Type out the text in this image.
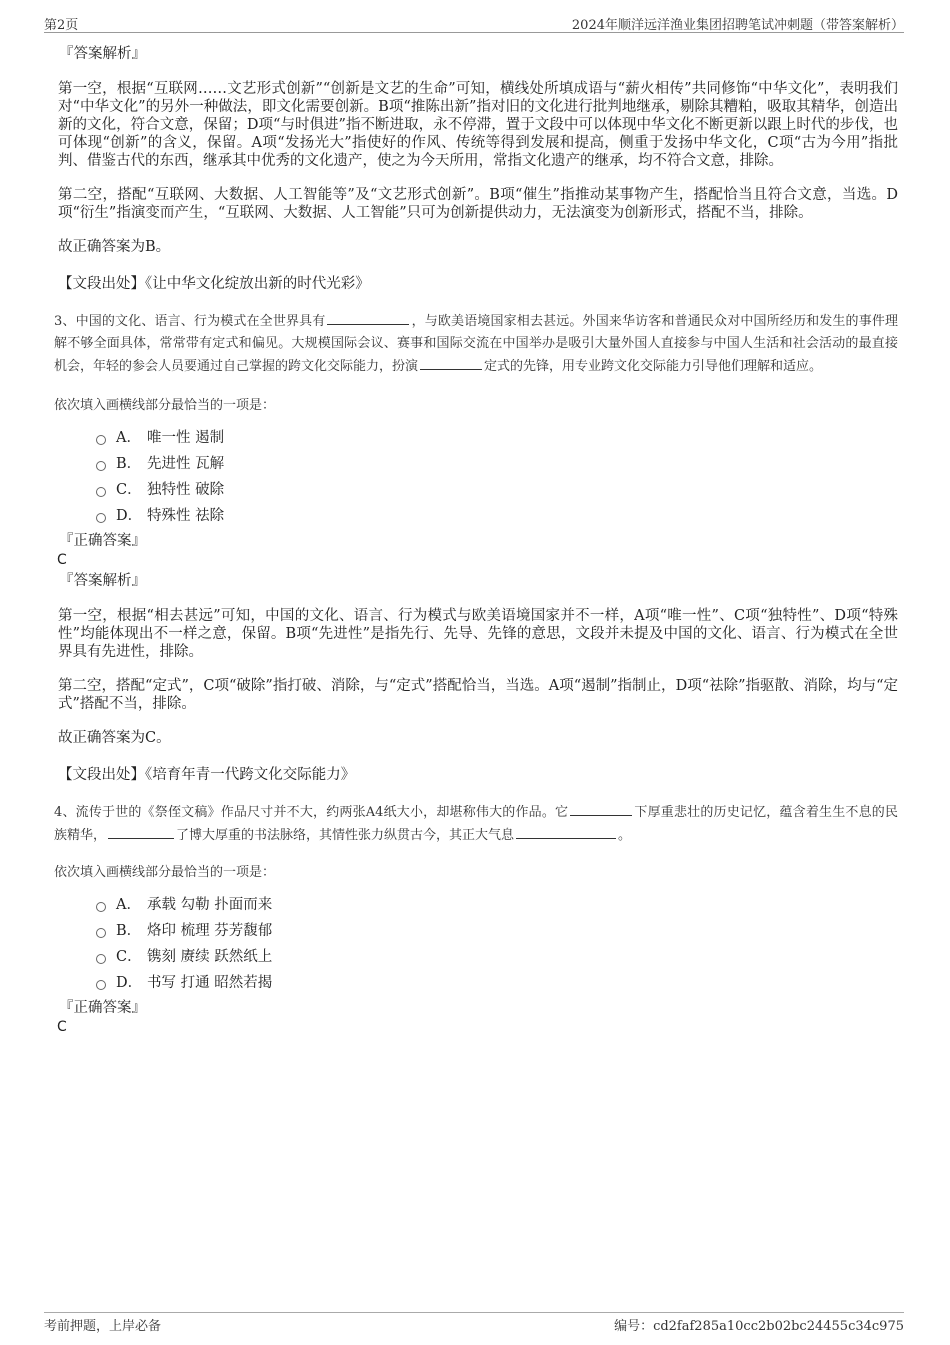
第2页	2024年顺洋远洋渔业集团招聘笔试冲刺题（带答案解析）
『答案解析』

第一空，根据“互联网……文艺形式创新”“创新是文艺的生命”可知，横线处所填成语与“薪火相传”共同修饰“中华文化”，表明我们对“中华文化”的另外一种做法，即文化需要创新。B项“推陈出新”指对旧的文化进行批判地继承，剔除其糟粕，吸取其精华，创造出新的文化，符合文意，保留；D项“与时俱进”指不断进取，永不停滞，置于文段中可以体现中华文化不断更新以跟上时代的步伐，也可体现“创新”的含义，保留。A项“发扬光大”指使好的作风、传统等得到发展和提高，侧重于发扬中华文化，C项“古为今用”指批判、借鉴古代的东西，继承其中优秀的文化遗产，使之为今天所用，常指文化遗产的继承，均不符合文意，排除。

第二空，搭配“互联网、大数据、人工智能等”及“文艺形式创新”。B项“催生”指推动某事物产生，搭配恰当且符合文意，当选。D项“衍生”指演变而产生，“互联网、大数据、人工智能”只可为创新提供动力，无法演变为创新形式，搭配不当，排除。

故正确答案为B。

【文段出处】《让中华文化绽放出新的时代光彩》

3、中国的文化、语言、行为模式在全世界具有	，与欧美语境国家相去甚远。外国来华访客和普通民众对中国所经历和发生的事件理解不够全面具体，常常带有定式和偏见。大规模国际会议、赛事和国际交流在中国举办是吸引大量外国人直接参与中国人生活和社会活动的最直接机会，年轻的参会人员要通过自己掌握的跨文化交际能力，扮演	定式的先锋，用专业跨文化交际能力引导他们理解和适应。

依次填入画横线部分最恰当的一项是：

A． 唯一性 遏制
B． 先进性 瓦解
C． 独特性 破除
D． 特殊性 祛除
『正确答案』
C
『答案解析』

第一空，根据“相去甚远”可知，中国的文化、语言、行为模式与欧美语境国家并不一样，A项“唯一性”、C项“独特性”、D项“特殊性”均能体现出不一样之意，保留。B项“先进性”是指先行、先导、先锋的意思，文段并未提及中国的文化、语言、行为模式在全世界具有先进性，排除。

第二空，搭配“定式”，C项“破除”指打破、消除，与“定式”搭配恰当，当选。A项“遏制”指制止，D项“祛除”指驱散、消除，均与“定式”搭配不当，排除。

故正确答案为C。

【文段出处】《培育年青一代跨文化交际能力》

4、流传于世的《祭侄文稿》作品尺寸并不大，约两张A4纸大小，却堪称伟大的作品。它	下厚重悲壮的历史记忆，蕴含着生生不息的民族精华，	了博大厚重的书法脉络，其情性张力纵贯古今，其正大气息	。

依次填入画横线部分最恰当的一项是：

A． 承载 勾勒 扑面而来
B． 烙印 梳理 芬芳馥郁
C． 镌刻 赓续 跃然纸上
D． 书写 打通 昭然若揭
『正确答案』
C
考前押题，上岸必备	编号：cd2faf285a10cc2b02bc24455c34c975
